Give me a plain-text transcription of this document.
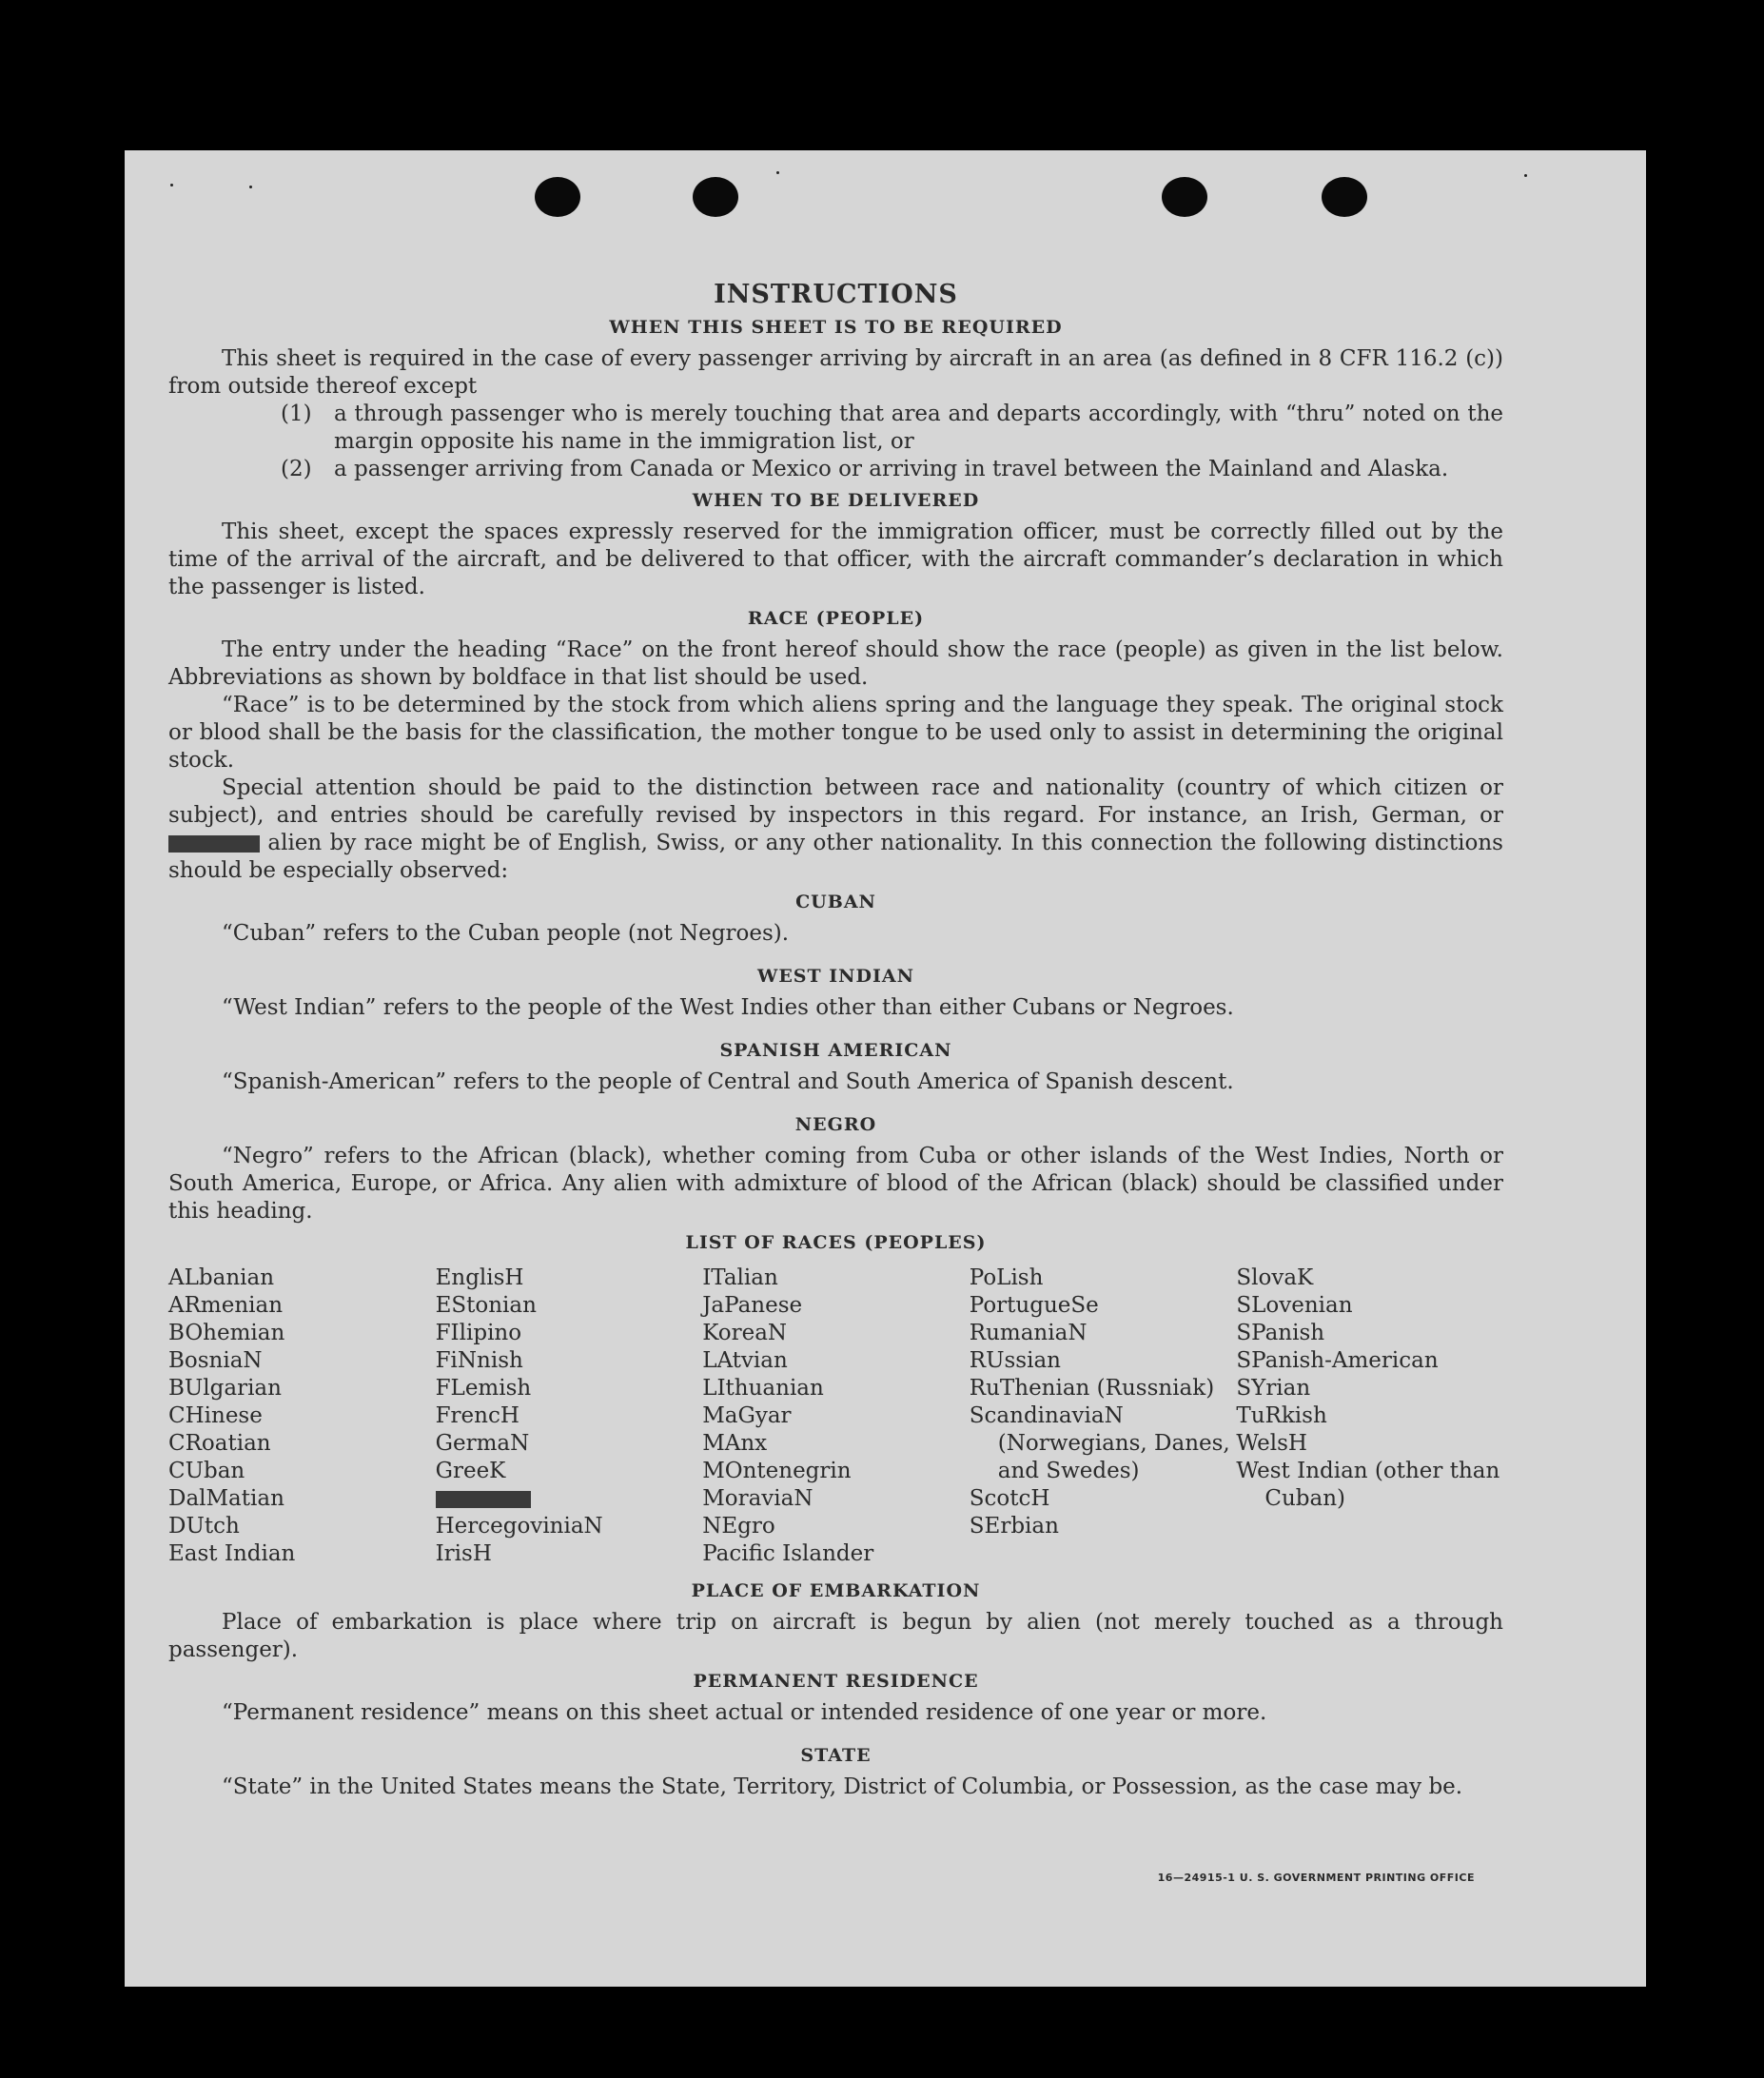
INSTRUCTIONS
WHEN THIS SHEET IS TO BE REQUIRED

This sheet is required in the case of every passenger arriving by aircraft in an area (as defined in 8 CFR 116.2 (c)) from outside thereof except

(1)	a through passenger who is merely touching that area and departs accordingly, with “thru” noted on the margin opposite his name in the immigration list, or
(2)	a passenger arriving from Canada or Mexico or arriving in travel between the Mainland and Alaska.
WHEN TO BE DELIVERED

This sheet, except the spaces expressly reserved for the immigration officer, must be correctly filled out by the time of the arrival of the aircraft, and be delivered to that officer, with the aircraft commander’s declaration in which the passenger is listed.

RACE (PEOPLE)

The entry under the heading “Race” on the front hereof should show the race (people) as given in the list below. Abbreviations as shown by boldface in that list should be used.

“Race” is to be determined by the stock from which aliens spring and the language they speak. The original stock or blood shall be the basis for the classification, the mother tongue to be used only to assist in determining the original stock.

Special attention should be paid to the distinction between race and nationality (country of which citizen or subject), and entries should be carefully revised by inspectors in this regard. For instance, an Irish, German, or  alien by race might be of English, Swiss, or any other nationality. In this connection the following distinctions should be especially observed:

CUBAN

“Cuban” refers to the Cuban people (not Negroes).

WEST INDIAN

“West Indian” refers to the people of the West Indies other than either Cubans or Negroes.

SPANISH AMERICAN

“Spanish-American” refers to the people of Central and South America of Spanish descent.

NEGRO

“Negro” refers to the African (black), whether coming from Cuba or other islands of the West Indies, North or South America, Europe, or Africa. Any alien with admixture of blood of the African (black) should be classified under this heading.

LIST OF RACES (PEOPLES)
ALbanian
ARmenian
BOhemian
BosniaN
BUlgarian
CHinese
CRoatian
CUban
DalMatian
DUtch
East Indian
EnglisH
EStonian
FIlipino
FiNnish
FLemish
FrencH
GermaN
GreeK
HercegoviniaN
IrisH
ITalian
JaPanese
KoreaN
LAtvian
LIthuanian
MaGyar
MAnx
MOntenegrin
MoraviaN
NEgro
Pacific Islander
PoLish
PortugueSe
RumaniaN
RUssian
RuThenian (Russniak)
ScandinaviaN (Norwegians, Danes, and Swedes)
ScotcH
SErbian
SlovaK
SLovenian
SPanish
SPanish-American
SYrian
TuRkish
WelsH
West Indian (other than Cuban)
PLACE OF EMBARKATION

Place of embarkation is place where trip on aircraft is begun by alien (not merely touched as a through passenger).

PERMANENT RESIDENCE

“Permanent residence” means on this sheet actual or intended residence of one year or more.

STATE

“State” in the United States means the State, Territory, District of Columbia, or Possession, as the case may be.

16—24915-1 U. S. GOVERNMENT PRINTING OFFICE
